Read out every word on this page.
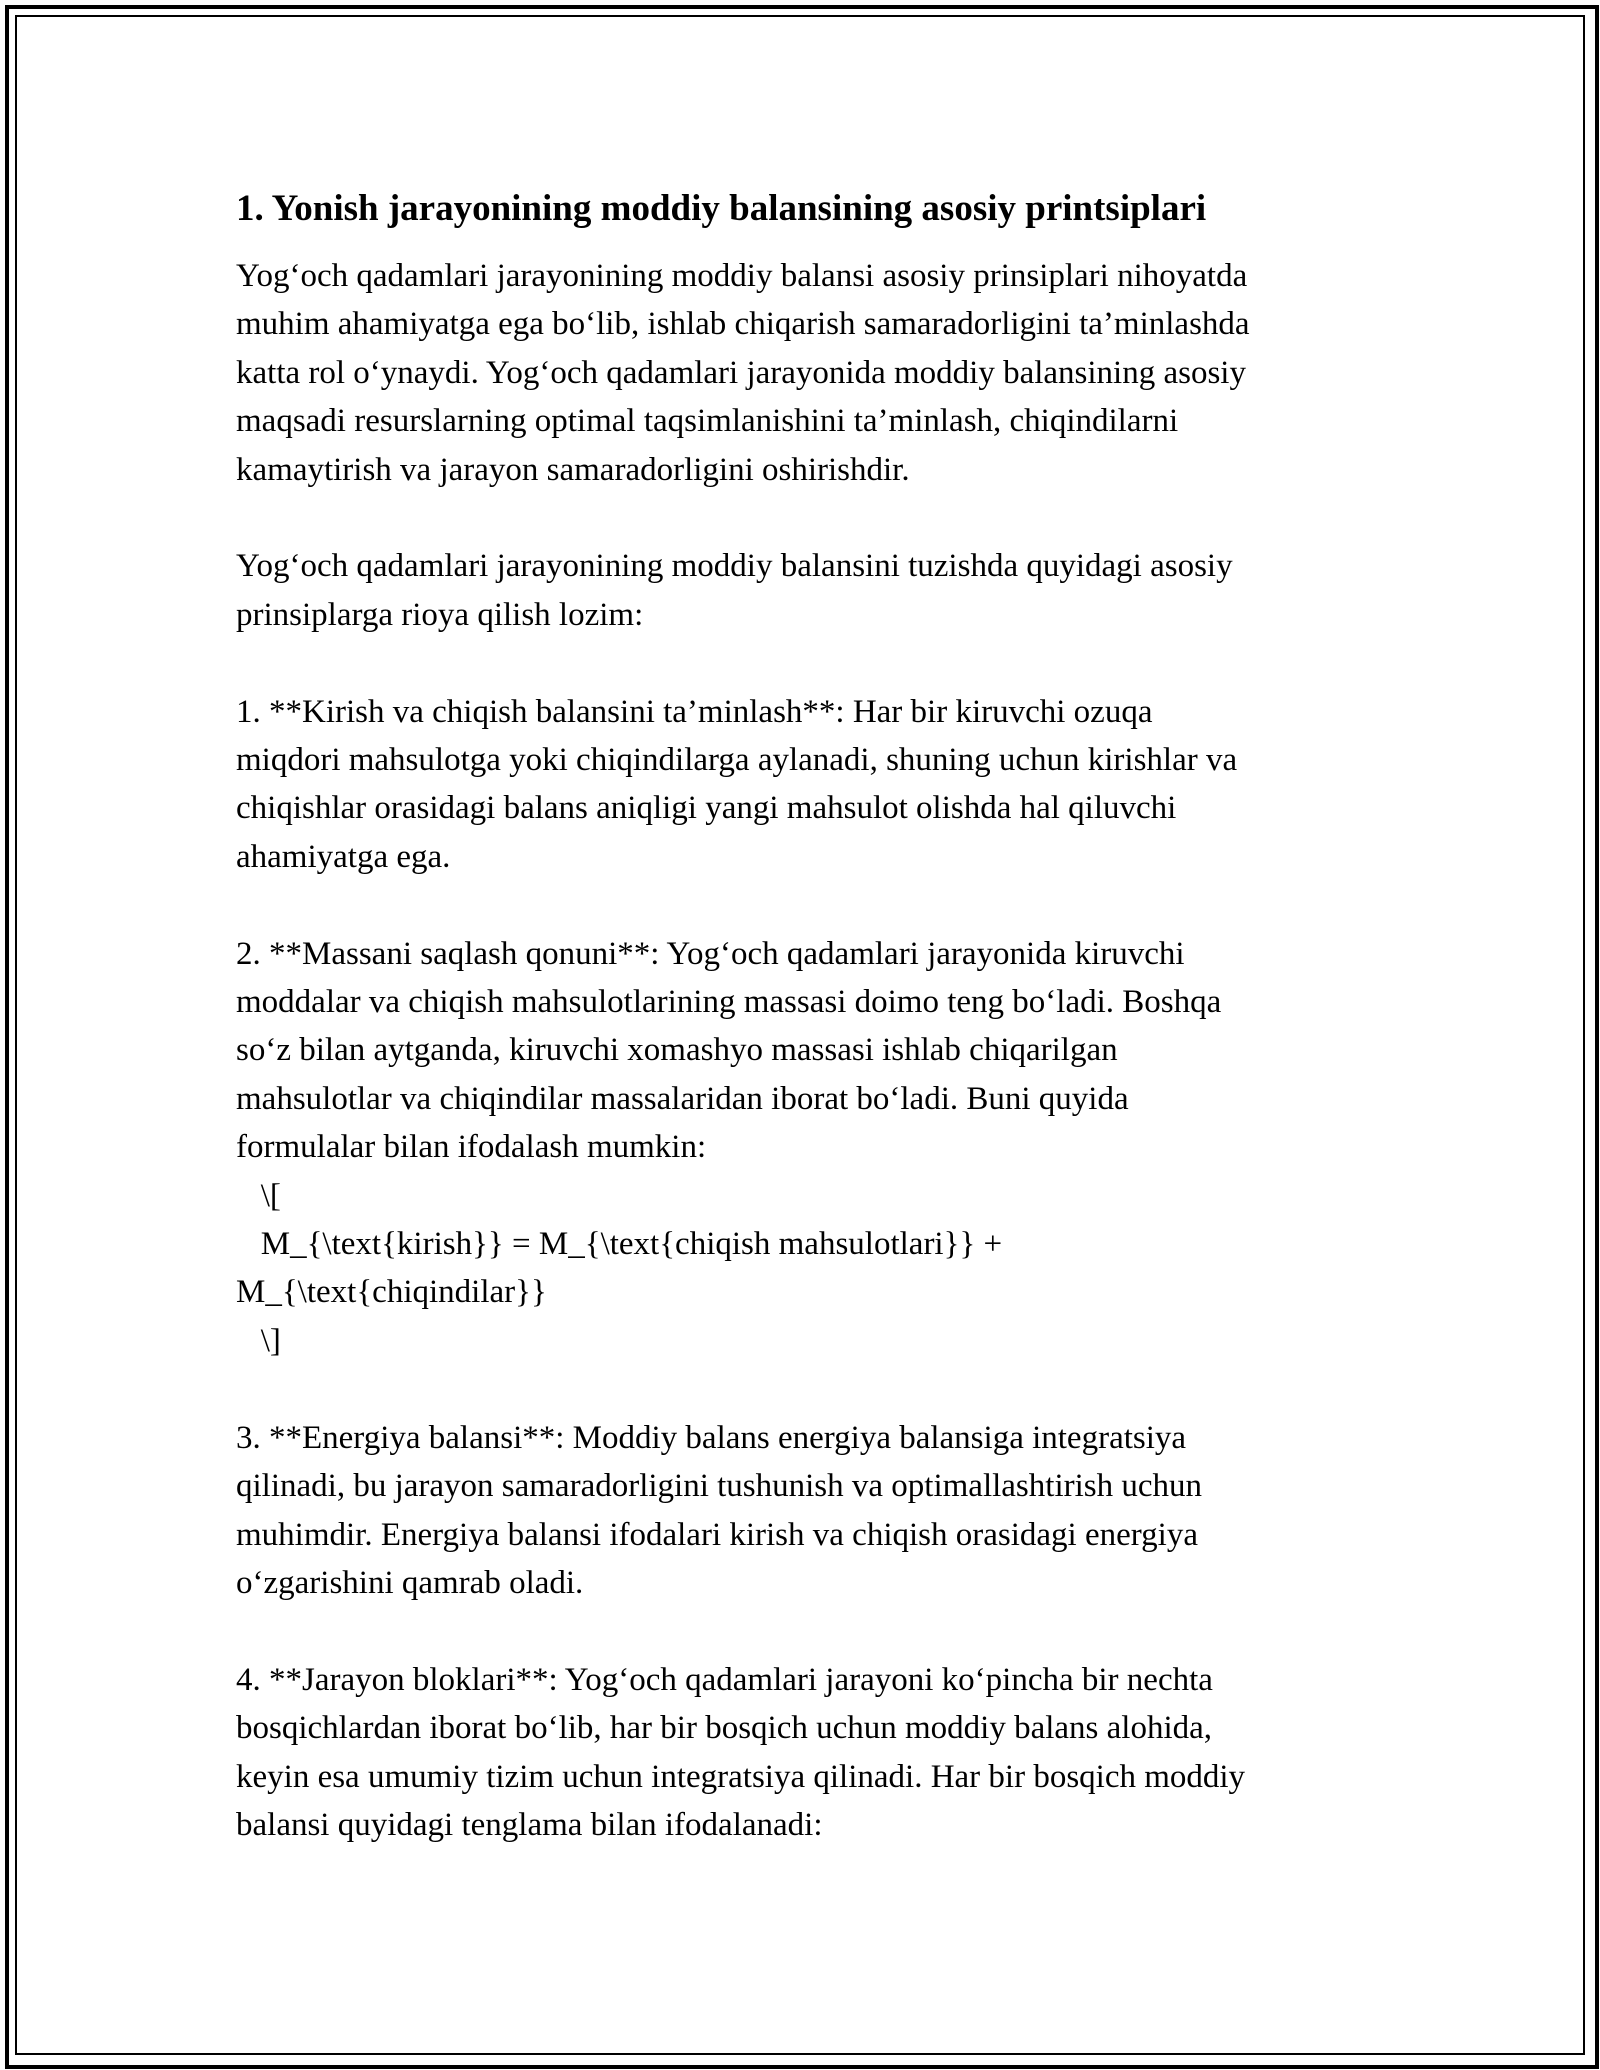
1. Yonish jarayonining moddiy balansining asosiy printsiplari
Yog‘och qadamlari jarayonining moddiy balansi asosiy prinsiplari nihoyatda
muhim ahamiyatga ega bo‘lib, ishlab chiqarish samaradorligini ta’minlashda
katta rol o‘ynaydi. Yog‘och qadamlari jarayonida moddiy balansining asosiy
maqsadi resurslarning optimal taqsimlanishini ta’minlash, chiqindilarni
kamaytirish va jarayon samaradorligini oshirishdir.
Yog‘och qadamlari jarayonining moddiy balansini tuzishda quyidagi asosiy
prinsiplarga rioya qilish lozim:
1. **Kirish va chiqish balansini ta’minlash**: Har bir kiruvchi ozuqa
miqdori mahsulotga yoki chiqindilarga aylanadi, shuning uchun kirishlar va
chiqishlar orasidagi balans aniqligi yangi mahsulot olishda hal qiluvchi
ahamiyatga ega.
2. **Massani saqlash qonuni**: Yog‘och qadamlari jarayonida kiruvchi
moddalar va chiqish mahsulotlarining massasi doimo teng bo‘ladi. Boshqa
so‘z bilan aytganda, kiruvchi xomashyo massasi ishlab chiqarilgan
mahsulotlar va chiqindilar massalaridan iborat bo‘ladi. Buni quyida
formulalar bilan ifodalash mumkin:
\[
M_{\text{kirish}} = M_{\text{chiqish mahsulotlari}} +
M_{\text{chiqindilar}}
\]
3. **Energiya balansi**: Moddiy balans energiya balansiga integratsiya
qilinadi, bu jarayon samaradorligini tushunish va optimallashtirish uchun
muhimdir. Energiya balansi ifodalari kirish va chiqish orasidagi energiya
o‘zgarishini qamrab oladi.
4. **Jarayon bloklari**: Yog‘och qadamlari jarayoni ko‘pincha bir nechta
bosqichlardan iborat bo‘lib, har bir bosqich uchun moddiy balans alohida,
keyin esa umumiy tizim uchun integratsiya qilinadi. Har bir bosqich moddiy
balansi quyidagi tenglama bilan ifodalanadi:
